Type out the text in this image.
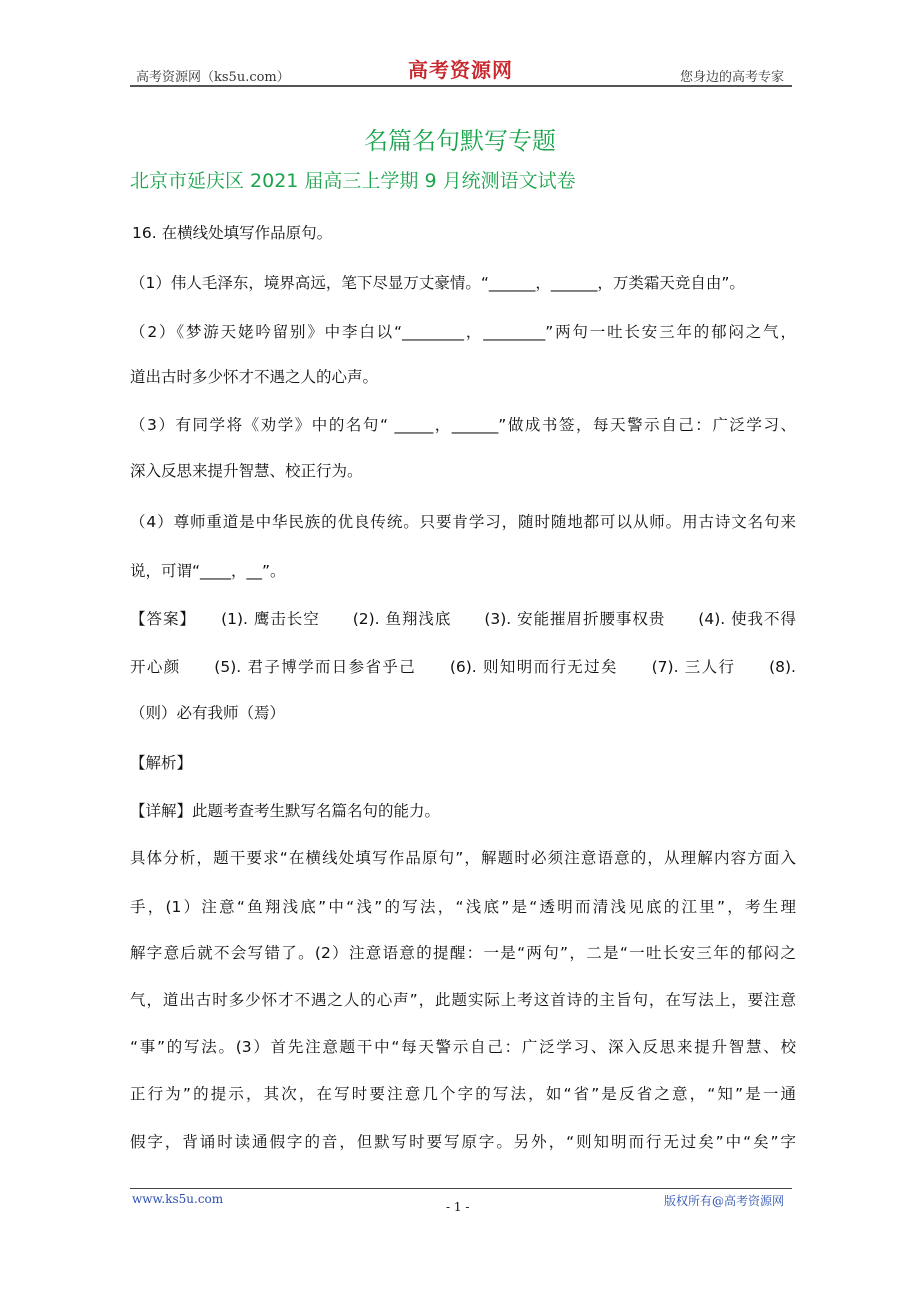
高考资源网（ks5u.com）	高考资源网	您身边的高考专家
名篇名句默写专题
北京市延庆区 2021 届高三上学期 9 月统测语文试卷
16. 在横线处填写作品原句。
（1）伟人毛泽东，境界高远，笔下尽显万丈豪情。“______，______，万类霜天竞自由”。
（2）《梦游天姥吟留别》中李白以“________，________”两句一吐长安三年的郁闷之气，
道出古时多少怀才不遇之人的心声。
（3）有同学将《劝学》中的名句“ _____，______”做成书签，每天警示自己：广泛学习、
深入反思来提升智慧、校正行为。
（4）尊师重道是中华民族的优良传统。只要肯学习，随时随地都可以从师。用古诗文名句来
说，可谓“____，__”。
【答案】　　(1). 鹰击长空　　(2). 鱼翔浅底　　(3). 安能摧眉折腰事权贵　　(4). 使我不得
开心颜　　(5). 君子博学而日参省乎己　　(6). 则知明而行无过矣　　(7). 三人行　　(8).
（则）必有我师（焉）
【解析】
【详解】此题考查考生默写名篇名句的能力。
具体分析，题干要求“在横线处填写作品原句”，解题时必须注意语意的，从理解内容方面入
手，(1）注意“鱼翔浅底”中“浅”的写法，“浅底”是“透明而清浅见底的江里”，考生理
解字意后就不会写错了。(2）注意语意的提醒：一是“两句”，二是“一吐长安三年的郁闷之
气，道出古时多少怀才不遇之人的心声”，此题实际上考这首诗的主旨句，在写法上，要注意
“事”的写法。(3）首先注意题干中“每天警示自己：广泛学习、深入反思来提升智慧、校
正行为”的提示，其次，在写时要注意几个字的写法，如“省”是反省之意，“知”是一通
假字，背诵时读通假字的音，但默写时要写原字。另外，“则知明而行无过矣”中“矣”字
www.ks5u.com
- 1 -	版权所有@高考资源网
